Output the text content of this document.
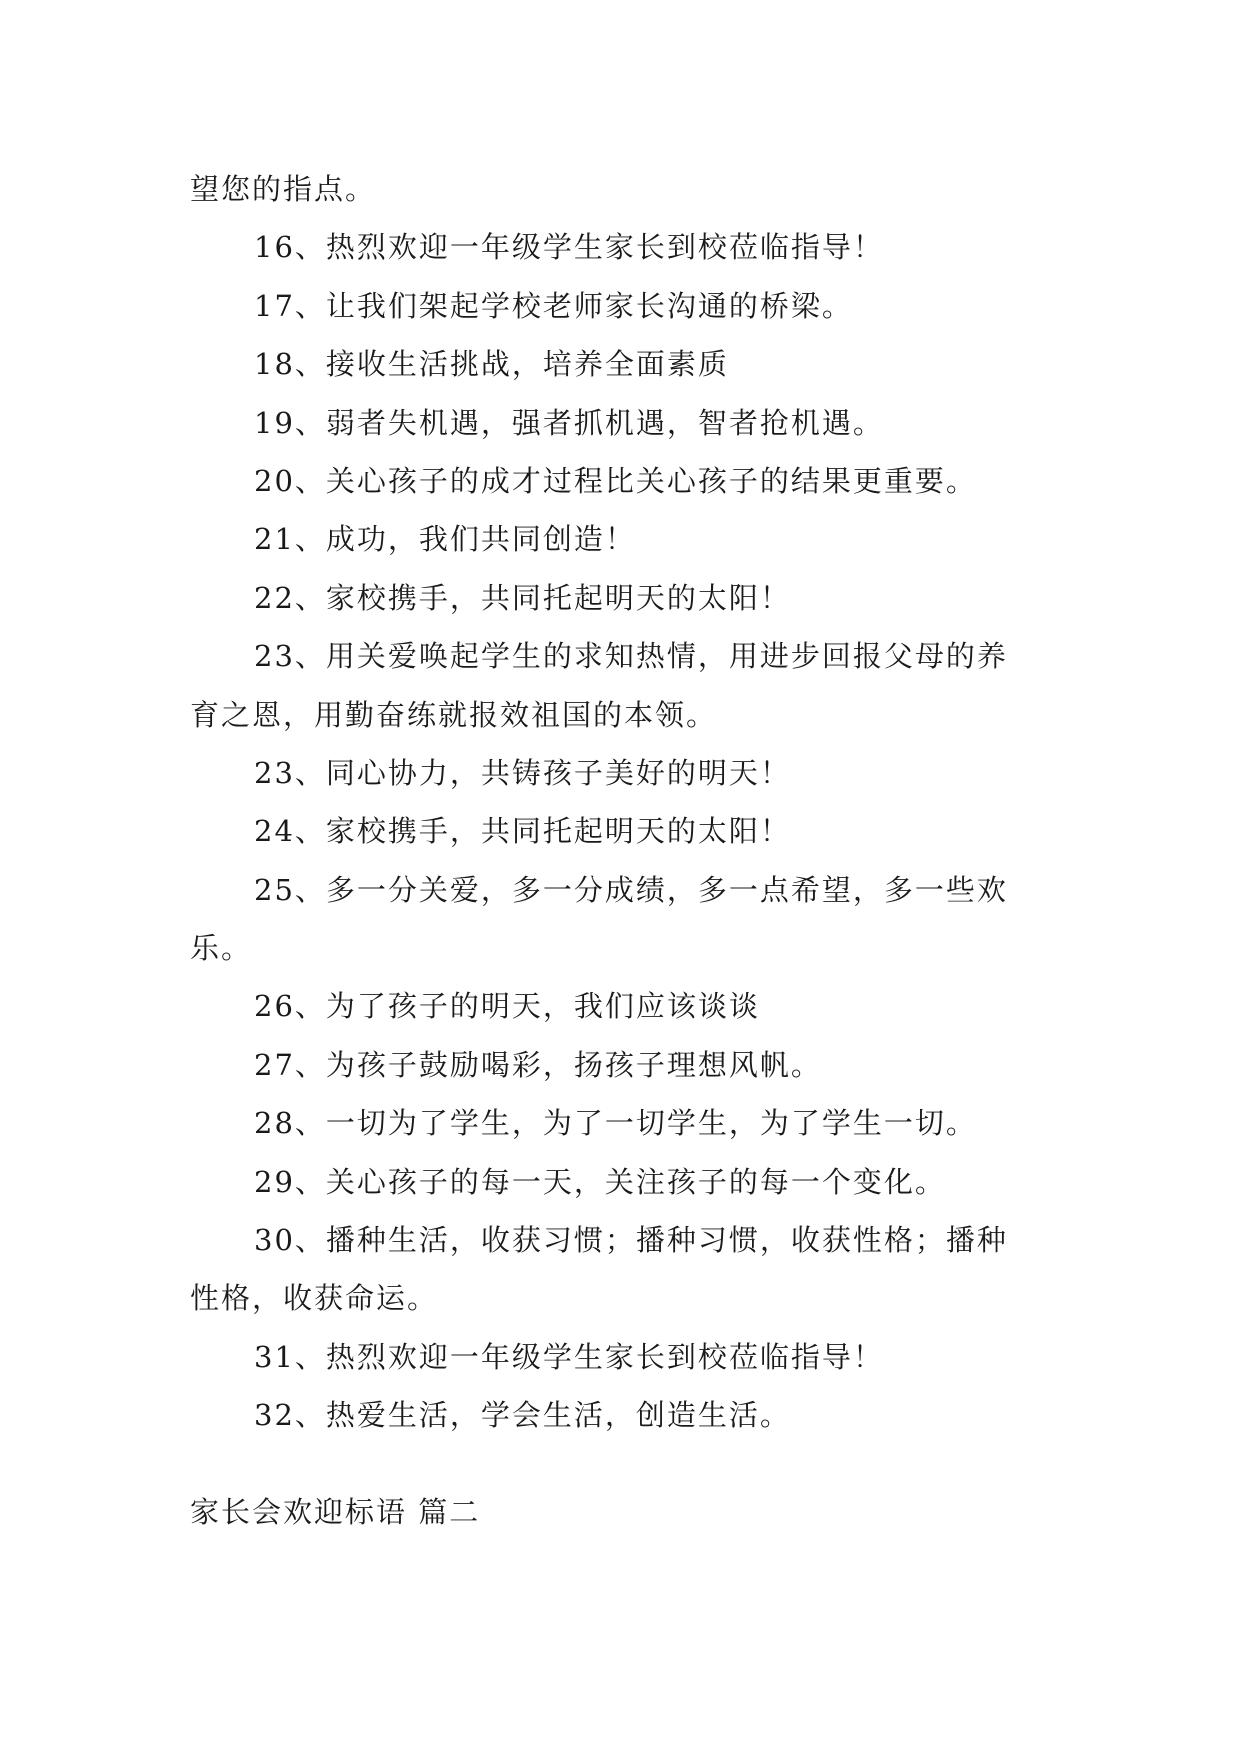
望您的指点。
16、热烈欢迎一年级学生家长到校莅临指导！
17、让我们架起学校老师家长沟通的桥梁。
18、接收生活挑战，培养全面素质
19、弱者失机遇，强者抓机遇，智者抢机遇。
20、关心孩子的成才过程比关心孩子的结果更重要。
21、成功，我们共同创造！
22、家校携手，共同托起明天的太阳！
23、用关爱唤起学生的求知热情，用进步回报父母的养
育之恩，用勤奋练就报效祖国的本领。
23、同心协力，共铸孩子美好的明天！
24、家校携手，共同托起明天的太阳！
25、多一分关爱，多一分成绩，多一点希望，多一些欢
乐。
26、为了孩子的明天，我们应该谈谈
27、为孩子鼓励喝彩，扬孩子理想风帆。
28、一切为了学生，为了一切学生，为了学生一切。
29、关心孩子的每一天，关注孩子的每一个变化。
30、播种生活，收获习惯；播种习惯，收获性格；播种
性格，收获命运。
31、热烈欢迎一年级学生家长到校莅临指导！
32、热爱生活，学会生活，创造生活。
家长会欢迎标语 篇二
